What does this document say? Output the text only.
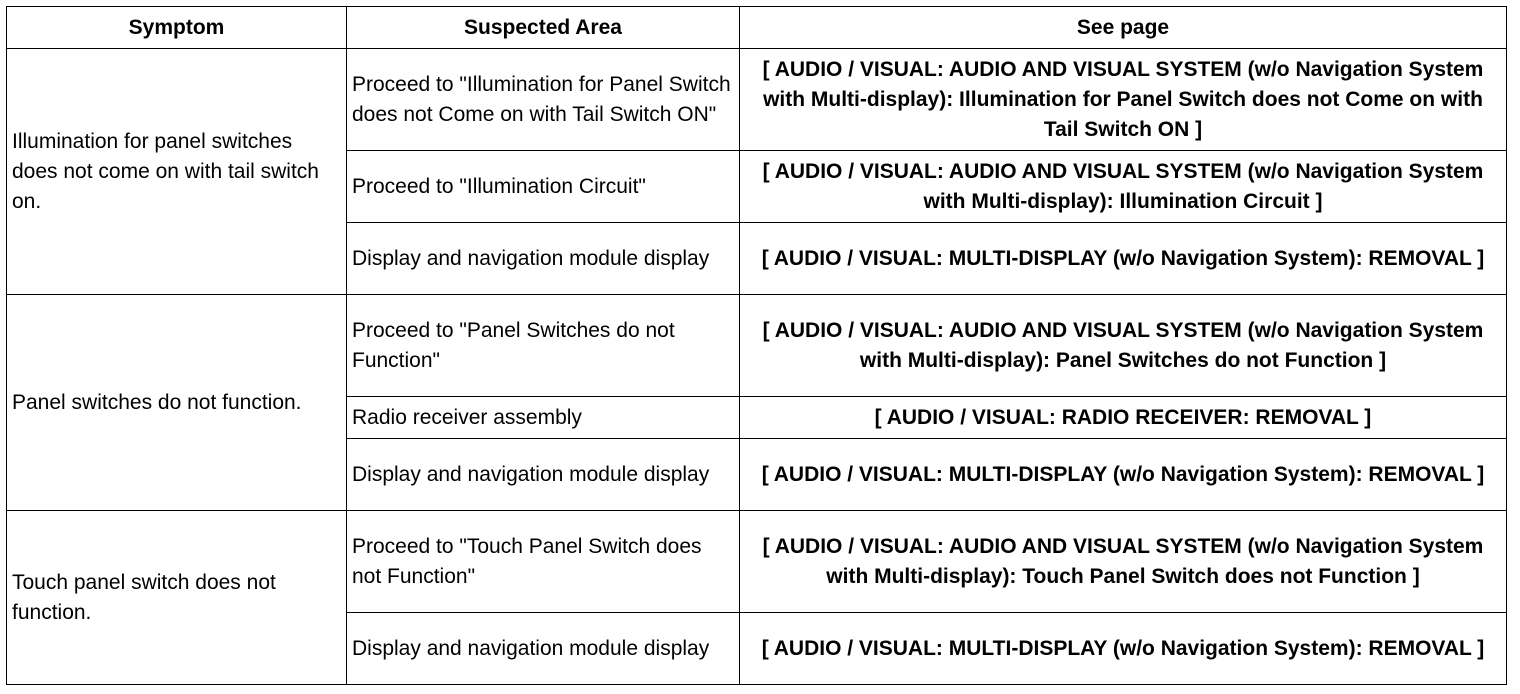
Symptom	Suspected Area	See page
Illumination for panel switches does not come on with tail switch on.	Proceed to "Illumination for Panel Switch does not Come on with Tail Switch ON"	[ AUDIO / VISUAL: AUDIO AND VISUAL SYSTEM (w/o Navigation System with Multi-display): Illumination for Panel Switch does not Come on with Tail Switch ON ]
	Proceed to "Illumination Circuit"	[ AUDIO / VISUAL: AUDIO AND VISUAL SYSTEM (w/o Navigation System with Multi-display): Illumination Circuit ]
	Display and navigation module display	[ AUDIO / VISUAL: MULTI-DISPLAY (w/o Navigation System): REMOVAL ]
Panel switches do not function.	Proceed to "Panel Switches do not Function"	[ AUDIO / VISUAL: AUDIO AND VISUAL SYSTEM (w/o Navigation System with Multi-display): Panel Switches do not Function ]
	Radio receiver assembly	[ AUDIO / VISUAL: RADIO RECEIVER: REMOVAL ]
	Display and navigation module display	[ AUDIO / VISUAL: MULTI-DISPLAY (w/o Navigation System): REMOVAL ]
Touch panel switch does not function.	Proceed to "Touch Panel Switch does not Function"	[ AUDIO / VISUAL: AUDIO AND VISUAL SYSTEM (w/o Navigation System with Multi-display): Touch Panel Switch does not Function ]
	Display and navigation module display	[ AUDIO / VISUAL: MULTI-DISPLAY (w/o Navigation System): REMOVAL ]
